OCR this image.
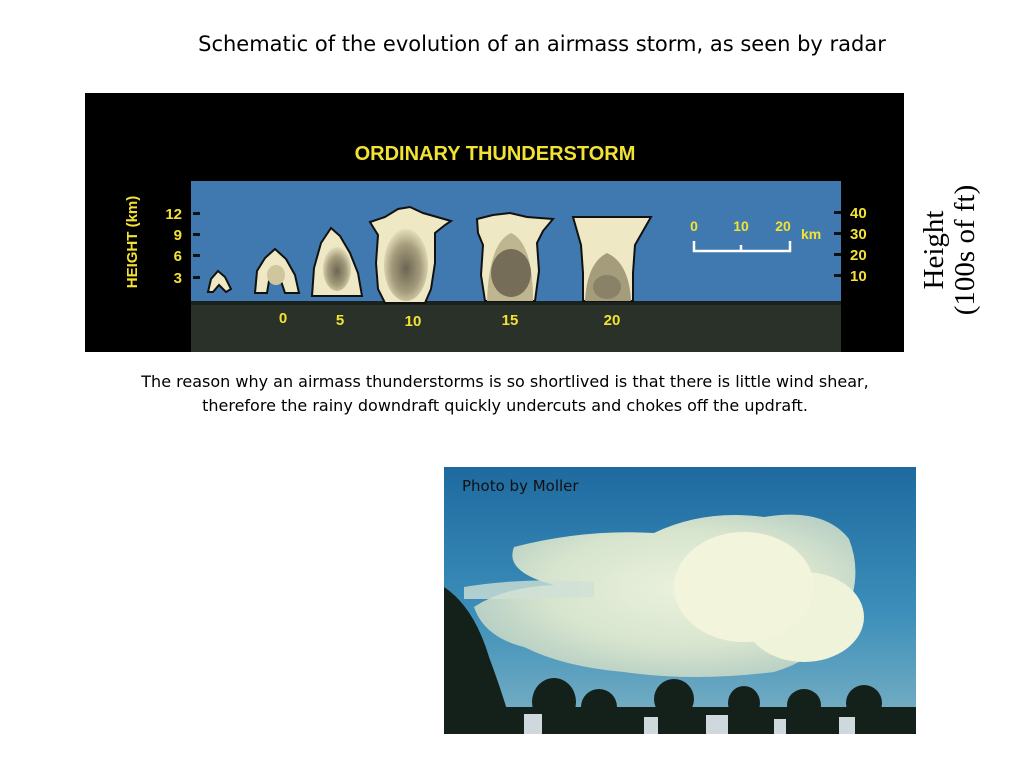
Schematic of the evolution of an airmass storm, as seen by radar
ORDINARY THUNDERSTORM
HEIGHT (km) 12
9
6
3
40
30
20
10
0	5	10	15	20
0	10 20 km	Height (100s of ft)
The reason why an airmass thunderstorms is so shortlived is that there is little wind shear,
therefore the rainy downdraft quickly undercuts and chokes off the updraft.
Photo by Moller
